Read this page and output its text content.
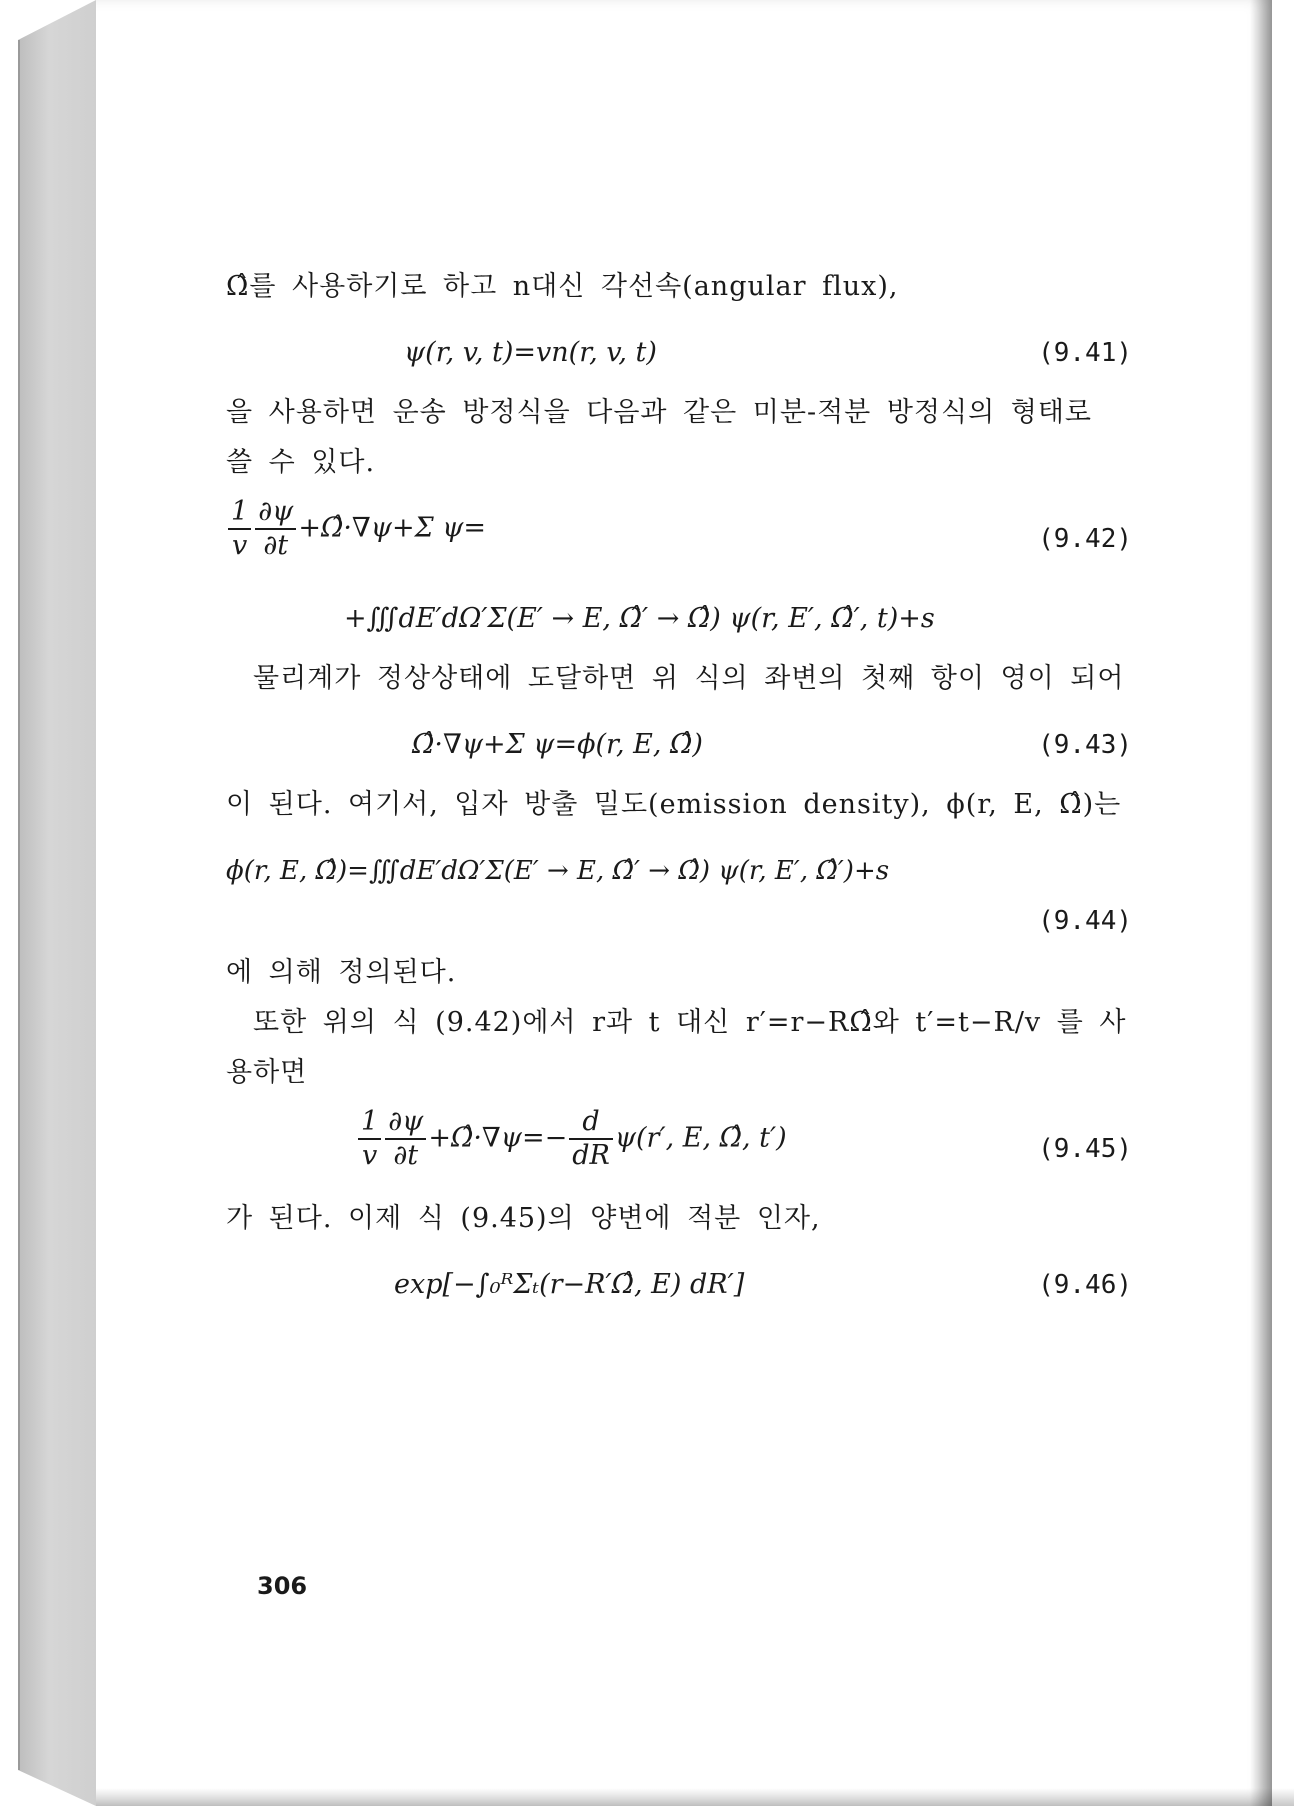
Ω̂를 사용하기로 하고 n대신 각선속(angular flux),

ψ(r, v, t)=vn(r, v, t)	(9.41)

을 사용하면 운송 방정식을 다음과 같은 미분-적분 방정식의 형태로 쓸 수 있다.

$\frac{1}{v} \frac{\partial\psi}{\partial t}$ +Ω̂·∇ψ+Σ ψ=	(9.42)
+∭dE′dΩ′Σ(E′ → E, Ω̂′ → Ω̂) ψ(r, E′, Ω̂′, t)+s

물리계가 정상상태에 도달하면 위 식의 좌변의 첫째 항이 영이 되어

Ω̂·∇ψ+Σ ψ=ϕ(r, E, Ω̂)	(9.43)

이 된다. 여기서, 입자 방출 밀도(emission density), ϕ(r, E, Ω̂)는

ϕ(r, E, Ω̂)=∭dE′dΩ′Σ(E′ → E, Ω̂′ → Ω̂) ψ(r, E′, Ω̂′)+s
(9.44)

에 의해 정의된다.

또한 위의 식 (9.42)에서 r과 t 대신 r′=r−RΩ̂와 t′=t−R/v 를 사용하면

$\frac{1}{v} \frac{\partial\psi}{\partial t}$ +Ω̂·∇ψ=− $\frac{d}{dR} \psi(r'$, E, Ω̂, t′)	(9.45)

가 된다. 이제 식 (9.45)의 양변에 적분 인자,

exp[−∫₀ᴿΣₜ(r−R′Ω̂, E) dR′]	(9.46)
306
